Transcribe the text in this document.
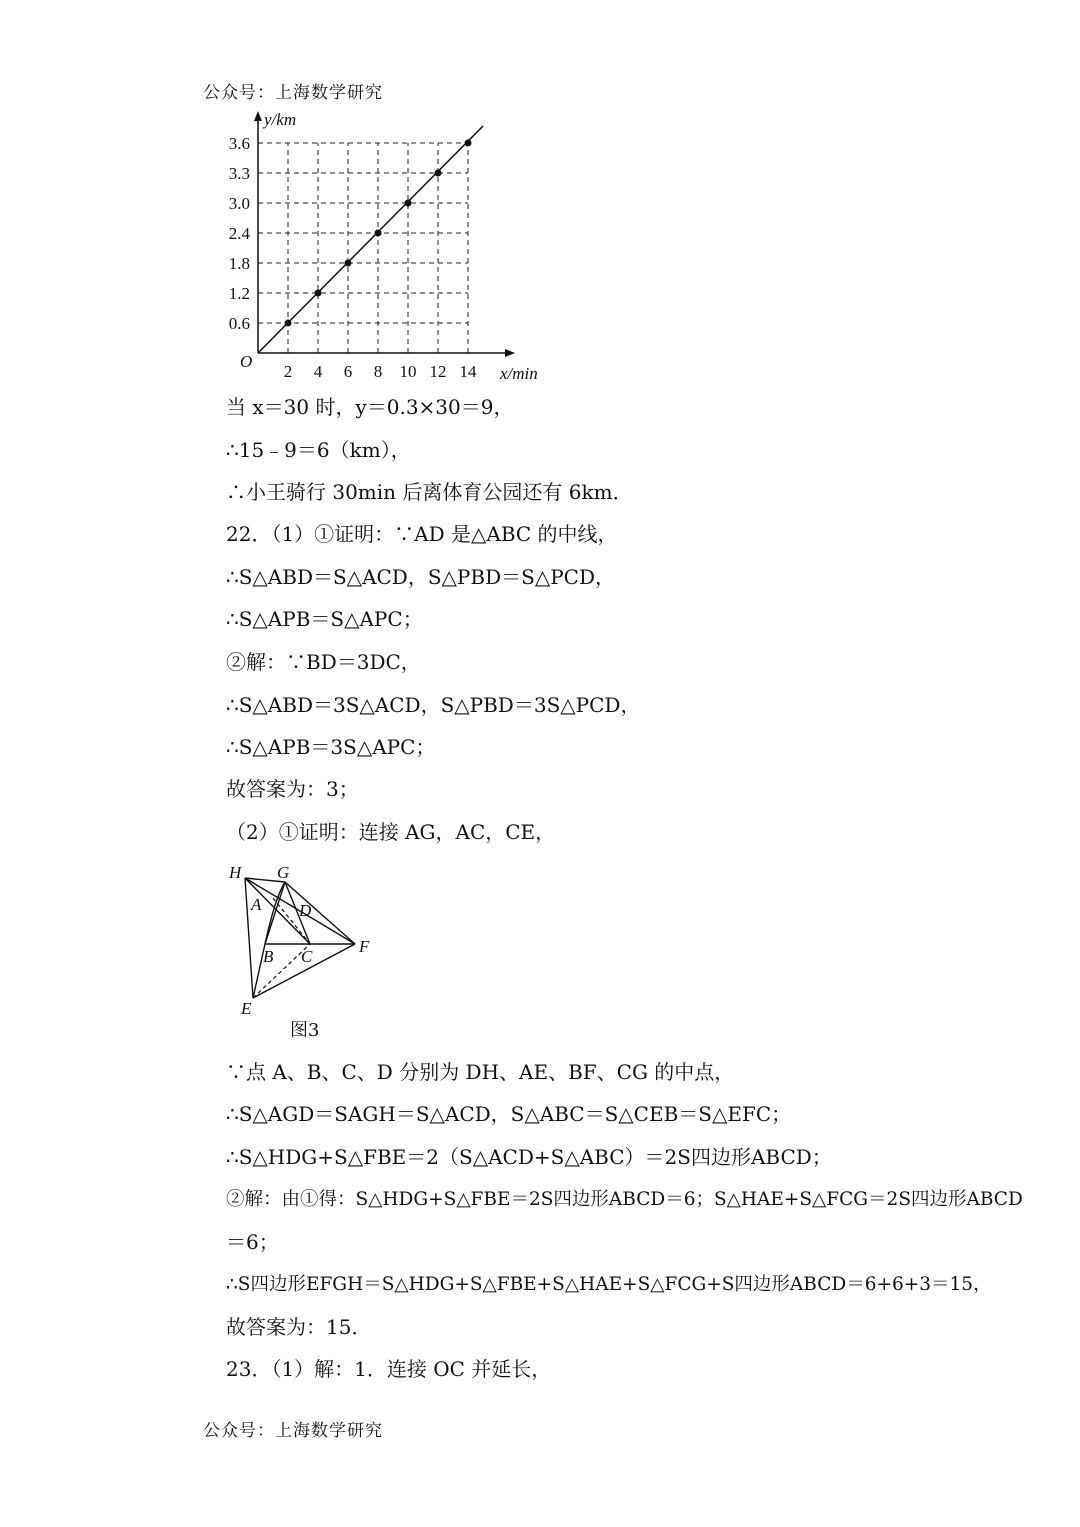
公众号：上海数学研究
0.6
1.2
1.8
2.4
3.0
3.3
3.6
2 4 6 8 10 12 14
O
y/km
x/min
当 x＝30 时，y＝0.3×30＝9，
∴15﹣9＝6（km），
∴小王骑行 30min 后离体育公园还有 6km．
22．（1）①证明：∵AD 是△ABC 的中线，
∴S△ABD＝S△ACD，S△PBD＝S△PCD，
∴S△APB＝S△APC；
②解：∵BD＝3DC，
∴S△ABD＝3S△ACD，S△PBD＝3S△PCD，
∴S△APB＝3S△APC；
故答案为：3；
（2）①证明：连接 AG，AC，CE，
H G
A D
B C
F
E
图3
∵点 A、B、C、D 分别为 DH、AE、BF、CG 的中点，
∴S△AGD＝SAGH＝S△ACD，S△ABC＝S△CEB＝S△EFC；
∴S△HDG+S△FBE＝2（S△ACD+S△ABC）＝2S四边形ABCD；
②解：由①得：S△HDG+S△FBE＝2S四边形ABCD＝6；S△HAE+S△FCG＝2S四边形ABCD
＝6；
∴S四边形EFGH＝S△HDG+S△FBE+S△HAE+S△FCG+S四边形ABCD＝6+6+3＝15，
故答案为：15．
23．（1）解：1．连接 OC 并延长，
公众号：上海数学研究
